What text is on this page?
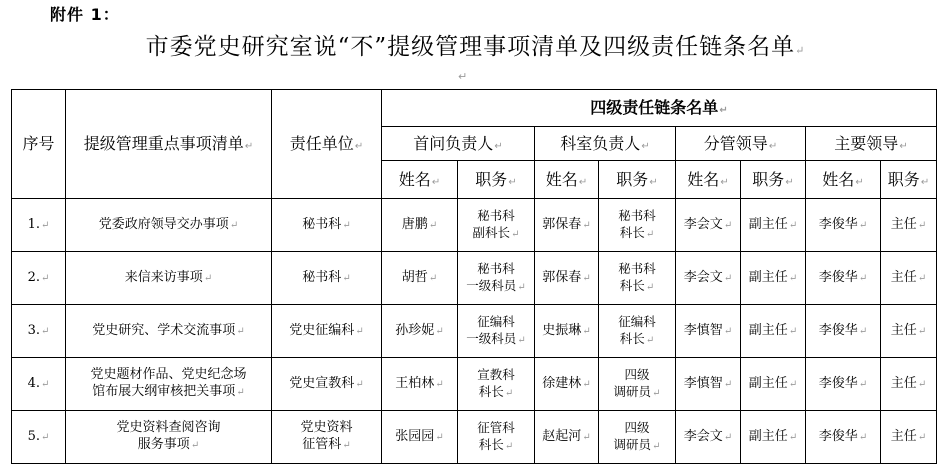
附件 1：
市委党史研究室说“不”提级管理事项清单及四级责任链条名单↵
↵
序号	提级管理重点事项清单↵	责任单位↵	四级责任链条名单↵							
			首问负责人↵		科室负责人↵		分管领导↵		主要领导↵	
			姓名↵	职务↵	姓名↵	职务↵	姓名↵	职务↵	姓名↵	职务↵
1.↵	党委政府领导交办事项↵	秘书科↵	唐鹏↵	秘书科
副科长↵	郭保春↵	秘书科
科长↵	李会文↵	副主任↵	李俊华↵	主任↵
2.↵	来信来访事项↵	秘书科↵	胡哲↵	秘书科
一级科员↵	郭保春↵	秘书科
科长↵	李会文↵	副主任↵	李俊华↵	主任↵
3.↵	党史研究、学术交流事项↵	党史征编科↵	孙珍妮↵	征编科
一级科员↵	史振琳↵	征编科
科长↵	李慎智↵	副主任↵	李俊华↵	主任↵
4.↵	党史题材作品、党史纪念场
馆布展大纲审核把关事项↵	党史宣教科↵	王柏林↵	宣教科
科长↵	徐建林↵	四级
调研员↵	李慎智↵	副主任↵	李俊华↵	主任↵
5.↵	党史资料查阅咨询
服务事项↵	党史资料
征管科↵	张园园↵	征管科
科长↵	赵起河↵	四级
调研员↵	李会文↵	副主任↵	李俊华↵	主任↵
